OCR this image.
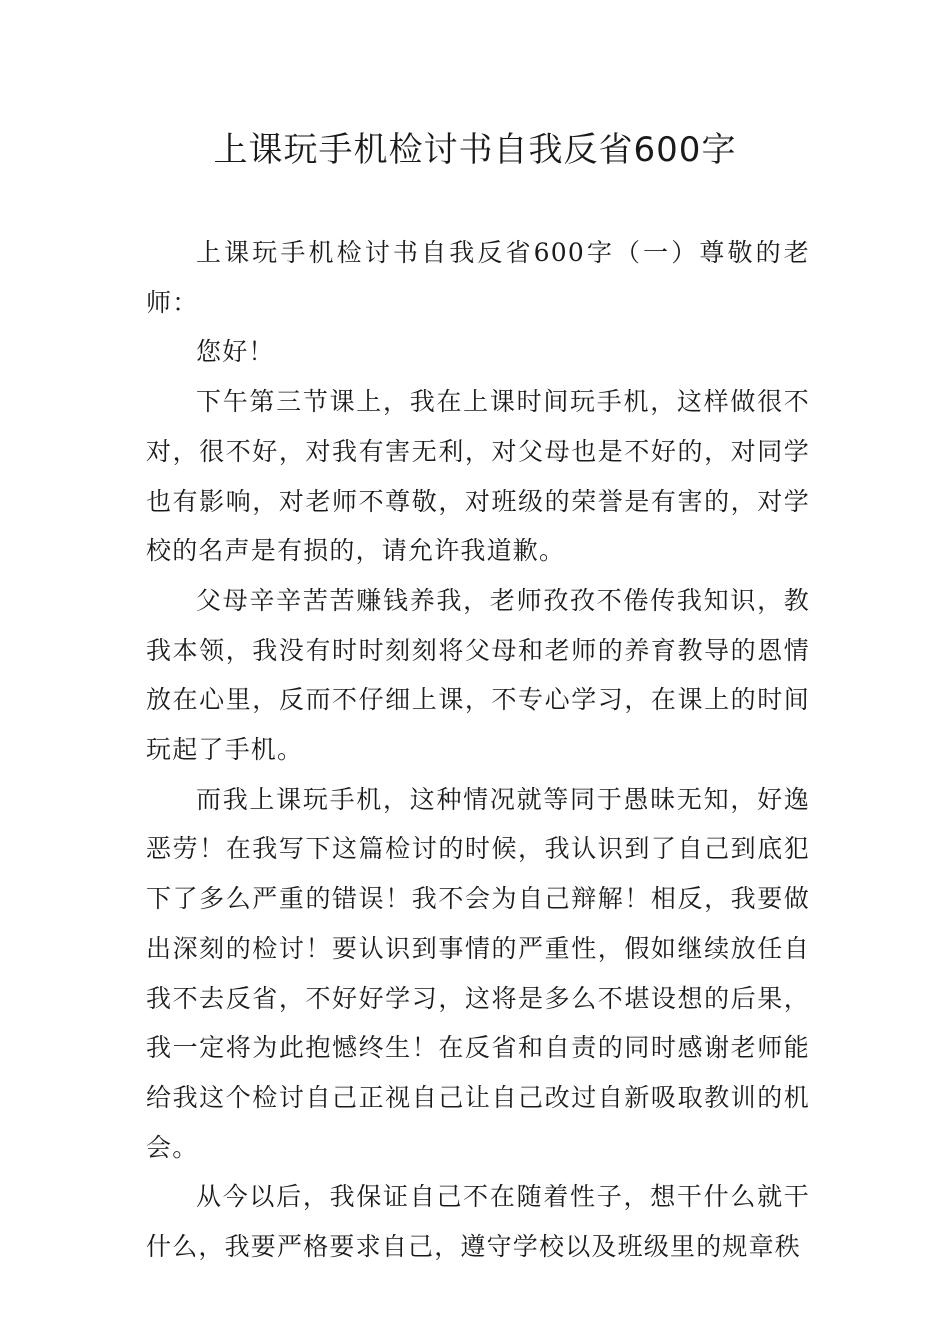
上课玩手机检讨书自我反省600字

上课玩手机检讨书自我反省600字（一）尊敬的老师：

您好！

下午第三节课上，我在上课时间玩手机，这样做很不对，很不好，对我有害无利，对父母也是不好的，对同学也有影响，对老师不尊敬，对班级的荣誉是有害的，对学校的名声是有损的，请允许我道歉。

父母辛辛苦苦赚钱养我，老师孜孜不倦传我知识，教我本领，我没有时时刻刻将父母和老师的养育教导的恩情放在心里，反而不仔细上课，不专心学习，在课上的时间玩起了手机。

而我上课玩手机，这种情况就等同于愚昧无知，好逸恶劳！在我写下这篇检讨的时候，我认识到了自己到底犯下了多么严重的错误！我不会为自己辩解！相反，我要做出深刻的检讨！要认识到事情的严重性，假如继续放任自我不去反省，不好好学习，这将是多么不堪设想的后果，我一定将为此抱憾终生！在反省和自责的同时感谢老师能给我这个检讨自己正视自己让自己改过自新吸取教训的机会。

从今以后，我保证自己不在随着性子，想干什么就干什么，我要严格要求自己，遵守学校以及班级里的规章秩
